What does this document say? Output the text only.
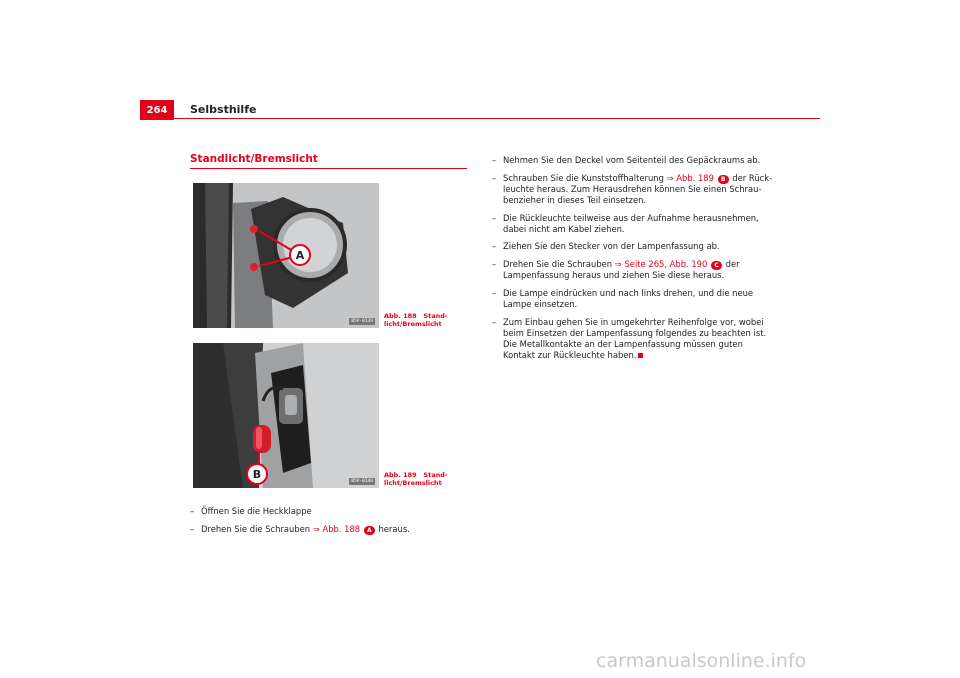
264 Selbsthilfe
Standlicht/Bremslicht
A
B5P-0139
Abb. 188   Stand-
licht/Bremslicht
B
B5P-0140
Abb. 189   Stand-
licht/Bremslicht
– Öffnen Sie die Heckklappe
– Drehen Sie die Schrauben ⇒ Abb. 188 A heraus.
– Nehmen Sie den Deckel vom Seitenteil des Gepäckraums ab.
– Schrauben Sie die Kunststoffhalterung ⇒ Abb. 189 B der Rück-
leuchte heraus. Zum Herausdrehen können Sie einen Schrau-
benzieher in dieses Teil einsetzen.
– Die Rückleuchte teilweise aus der Aufnahme herausnehmen,
dabei nicht am Kabel ziehen.
– Ziehen Sie den Stecker von der Lampenfassung ab.
– Drehen Sie die Schrauben ⇒ Seite 265, Abb. 190 C der
Lampenfassung heraus und ziehen Sie diese heraus.
– Die Lampe eindrücken und nach links drehen, und die neue
Lampe einsetzen.
– Zum Einbau gehen Sie in umgekehrter Reihenfolge vor, wobei
beim Einsetzen der Lampenfassung folgendes zu beachten ist.
Die Metallkontakte an der Lampenfassung müssen guten
Kontakt zur Rückleuchte haben.
carmanualsonline.info
